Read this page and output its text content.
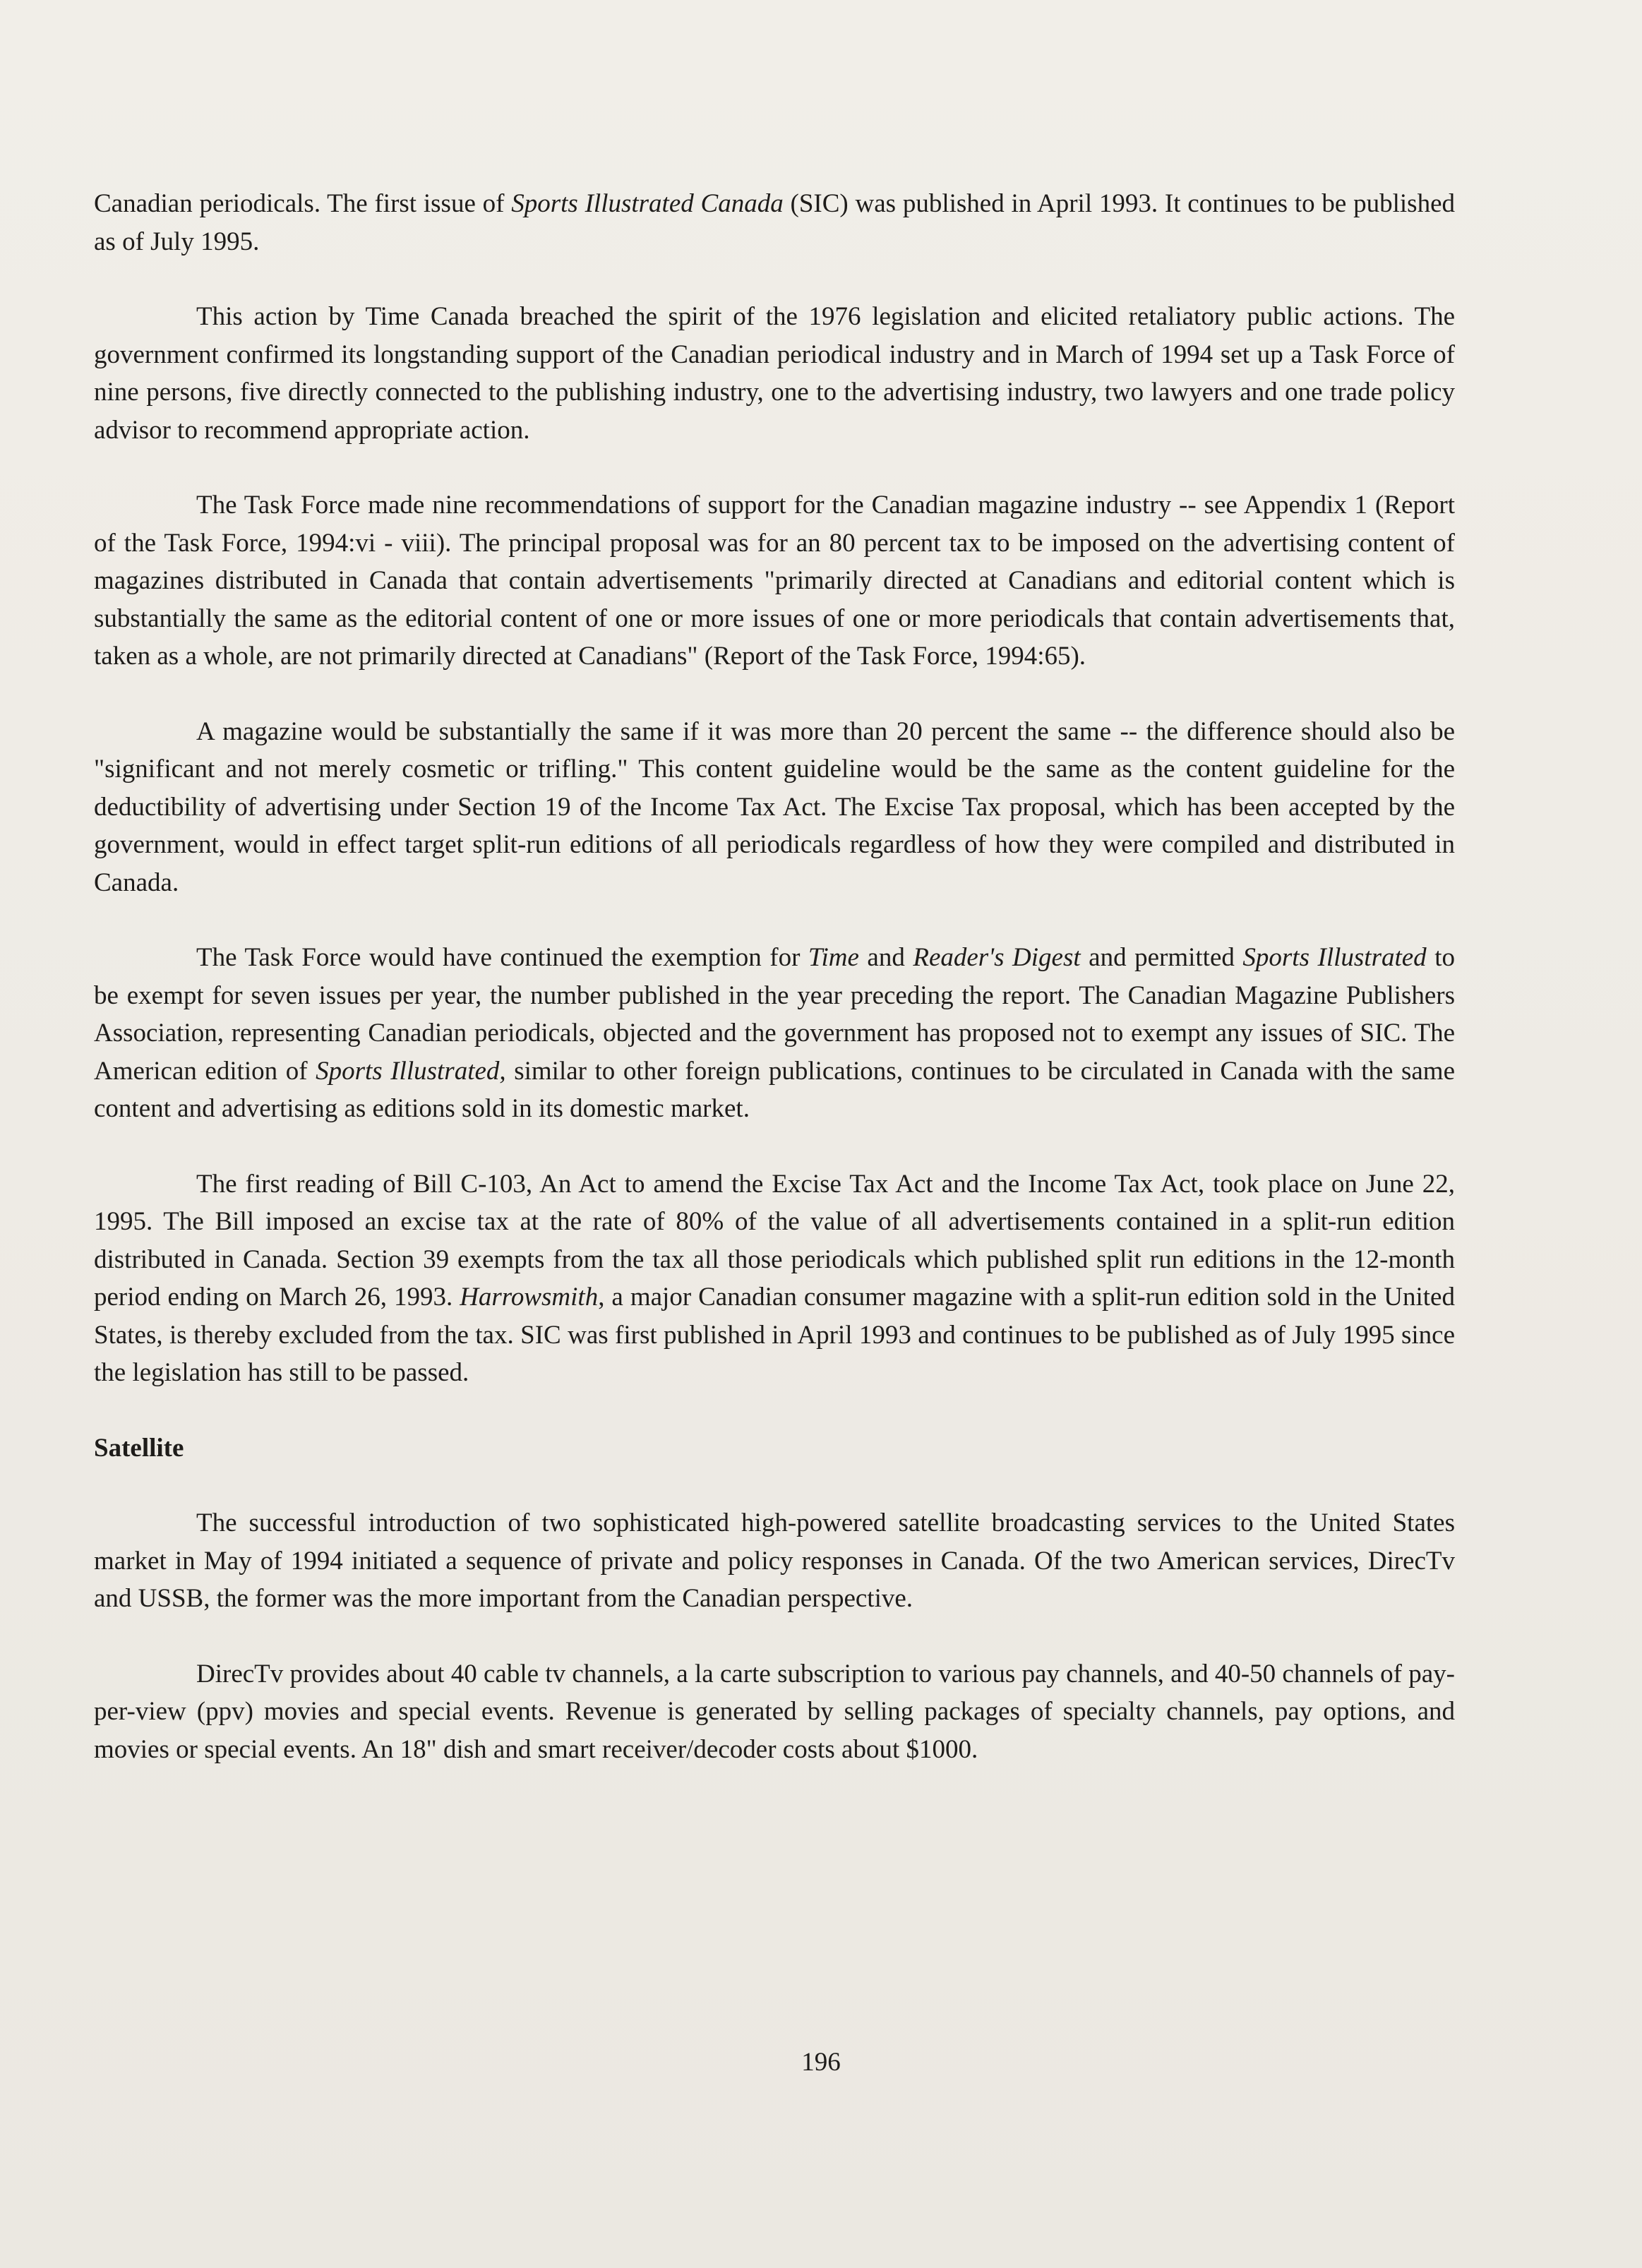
Canadian periodicals. The first issue of Sports Illustrated Canada (SIC) was published in April 1993. It continues to be published as of July 1995.

This action by Time Canada breached the spirit of the 1976 legislation and elicited retaliatory public actions. The government confirmed its longstanding support of the Canadian periodical industry and in March of 1994 set up a Task Force of nine persons, five directly connected to the publishing industry, one to the advertising industry, two lawyers and one trade policy advisor to recommend appropriate action.

The Task Force made nine recommendations of support for the Canadian magazine industry -- see Appendix 1 (Report of the Task Force, 1994:vi - viii). The principal proposal was for an 80 percent tax to be imposed on the advertising content of magazines distributed in Canada that contain advertisements "primarily directed at Canadians and editorial content which is substantially the same as the editorial content of one or more issues of one or more periodicals that contain advertisements that, taken as a whole, are not primarily directed at Canadians" (Report of the Task Force, 1994:65).

A magazine would be substantially the same if it was more than 20 percent the same -- the difference should also be "significant and not merely cosmetic or trifling." This content guideline would be the same as the content guideline for the deductibility of advertising under Section 19 of the Income Tax Act. The Excise Tax proposal, which has been accepted by the government, would in effect target split-run editions of all periodicals regardless of how they were compiled and distributed in Canada.

The Task Force would have continued the exemption for Time and Reader's Digest and permitted Sports Illustrated to be exempt for seven issues per year, the number published in the year preceding the report. The Canadian Magazine Publishers Association, representing Canadian periodicals, objected and the government has proposed not to exempt any issues of SIC. The American edition of Sports Illustrated, similar to other foreign publications, continues to be circulated in Canada with the same content and advertising as editions sold in its domestic market.

The first reading of Bill C-103, An Act to amend the Excise Tax Act and the Income Tax Act, took place on June 22, 1995. The Bill imposed an excise tax at the rate of 80% of the value of all advertisements contained in a split-run edition distributed in Canada. Section 39 exempts from the tax all those periodicals which published split run editions in the 12-month period ending on March 26, 1993. Harrowsmith, a major Canadian consumer magazine with a split-run edition sold in the United States, is thereby excluded from the tax. SIC was first published in April 1993 and continues to be published as of July 1995 since the legislation has still to be passed.

Satellite

The successful introduction of two sophisticated high-powered satellite broadcasting services to the United States market in May of 1994 initiated a sequence of private and policy responses in Canada. Of the two American services, DirecTv and USSB, the former was the more important from the Canadian perspective.

DirecTv provides about 40 cable tv channels, a la carte subscription to various pay channels, and 40-50 channels of pay-per-view (ppv) movies and special events. Revenue is generated by selling packages of specialty channels, pay options, and movies or special events. An 18" dish and smart receiver/decoder costs about $1000.

196
